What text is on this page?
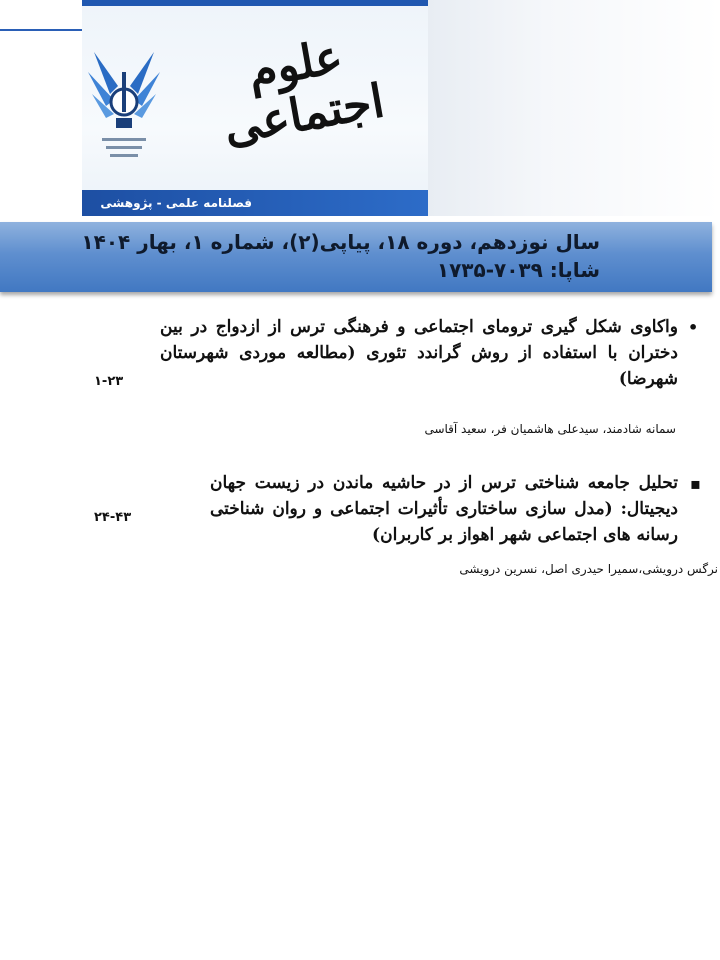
علوم اجتماعی
فصلنامه علمی - پژوهشی
سال نوزدهم، دوره ۱۸، پیاپی(۲)، شماره ۱، بهار ۱۴۰۴
شاپا: ۷۰۳۹-۱۷۳۵
•
واکاوی شکل گیری ترومای اجتماعی و فرهنگی ترس از ازدواج در بین دختران با استفاده از روش گراندد تئوری (مطالعه موردی شهرستان شهرضا)
۱-۲۳
سمانه شادمند، سیدعلی هاشمیان فر، سعید آقاسی
▪
تحلیل جامعه شناختی ترس از در حاشیه ماندن در زیست جهان دیجیتال: (مدل سازی ساختاری تأثیرات اجتماعی و روان شناختی رسانه های اجتماعی شهر اهواز بر کاربران)
۲۴-۴۳
نرگس درویشی،سمیرا حیدری اصل، نسرین درویشی
